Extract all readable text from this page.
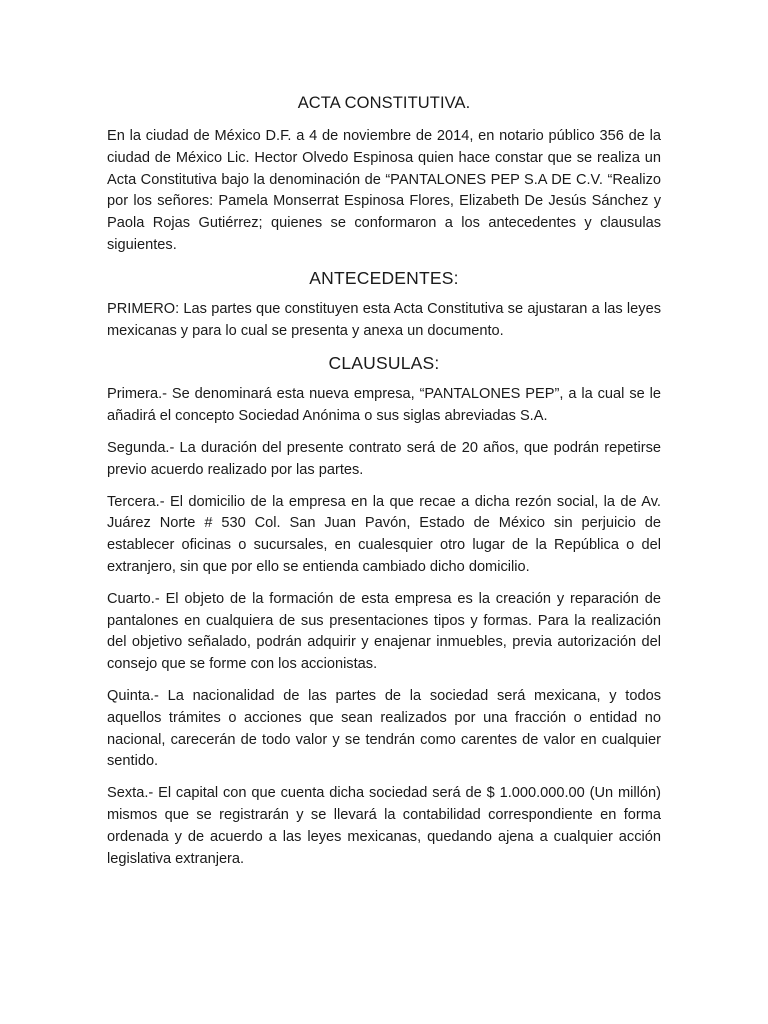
ACTA CONSTITUTIVA.

En la ciudad de México D.F. a 4 de noviembre de 2014, en notario público 356 de la ciudad de México Lic. Hector Olvedo Espinosa quien hace constar que se realiza un Acta Constitutiva bajo la denominación de “PANTALONES PEP S.A DE C.V. “Realizo por los señores: Pamela Monserrat Espinosa Flores, Elizabeth De Jesús Sánchez y Paola Rojas Gutiérrez; quienes se conformaron a los antecedentes y clausulas siguientes.

ANTECEDENTES:

PRIMERO: Las partes que constituyen esta Acta Constitutiva se ajustaran a las leyes mexicanas y para lo cual se presenta y anexa un documento.

CLAUSULAS:

Primera.- Se denominará esta nueva empresa, “PANTALONES PEP”, a la cual se le añadirá el concepto Sociedad Anónima o sus siglas abreviadas S.A.

Segunda.- La duración del presente contrato será de 20 años, que podrán repetirse previo acuerdo realizado por las partes.

Tercera.- El domicilio de la empresa en la que recae a dicha rezón social, la de Av. Juárez Norte # 530 Col. San Juan Pavón, Estado de México sin perjuicio de establecer oficinas o sucursales, en cualesquier otro lugar de la República o del extranjero, sin que por ello se entienda cambiado dicho domicilio.

Cuarto.- El objeto de la formación de esta empresa es la creación y reparación de pantalones en cualquiera de sus presentaciones tipos y formas. Para la realización del objetivo señalado, podrán adquirir y enajenar inmuebles, previa autorización del consejo que se forme con los accionistas.

Quinta.- La nacionalidad de las partes de la sociedad será mexicana, y todos aquellos trámites o acciones que sean realizados por una fracción o entidad no nacional, carecerán de todo valor y se tendrán como carentes de valor en cualquier sentido.

Sexta.- El capital con que cuenta dicha sociedad será de $ 1.000.000.00 (Un millón) mismos que se registrarán y se llevará la contabilidad correspondiente en forma ordenada y de acuerdo a las leyes mexicanas, quedando ajena a cualquier acción legislativa extranjera.
